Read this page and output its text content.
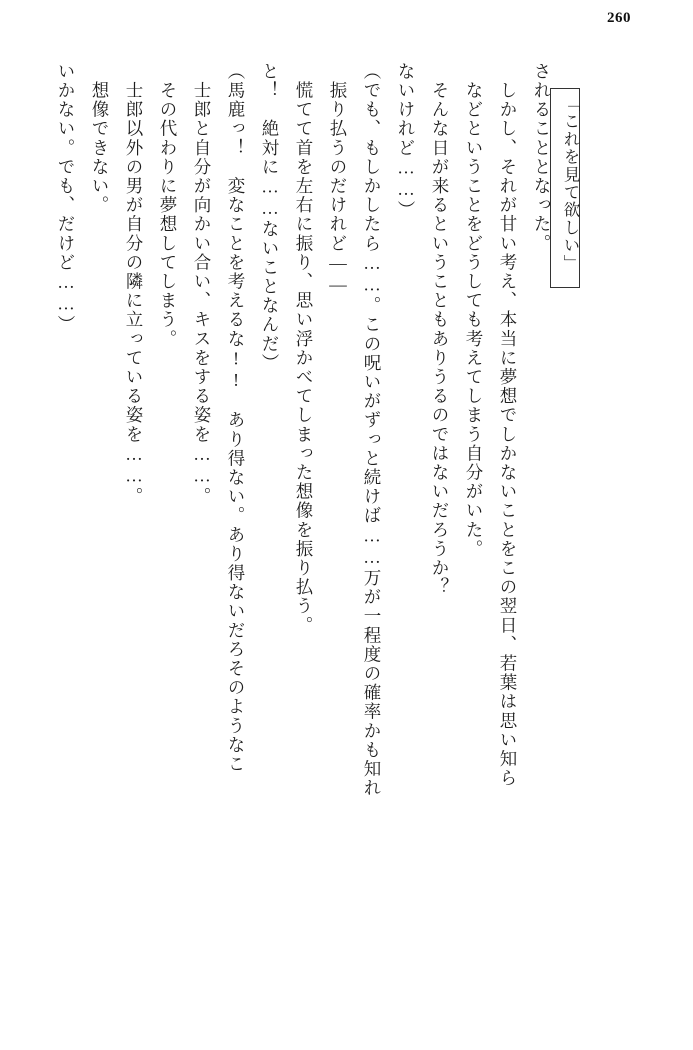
260
いかない。でも、だけど……） 　想像できない。 　士郎以外の男が自分の隣に立っている姿を……。 　その代わりに夢想してしまう。 　士郎と自分が向かい合い、キスをする姿を……。 （馬鹿っ！　変なことを考えるな!!　あり得ない。あり得ないだろそのようなこ と！　絶対に……ないことなんだ） 　慌てて首を左右に振り、思い浮かべてしまった想像を振り払う。 　振り払うのだけれど―― （でも、もしかしたら……。この呪いがずっと続けば……万が一程度の確率かも知れ ないけれど……） 　そんな日が来るということもありうるのではないだろうか？ 　などということをどうしても考えてしまう自分がいた。 　しかし、それが甘い考え、本当に夢想でしかないことをこの翌日、若葉は思い知ら されることとなった。 「これを見て欲しい」
